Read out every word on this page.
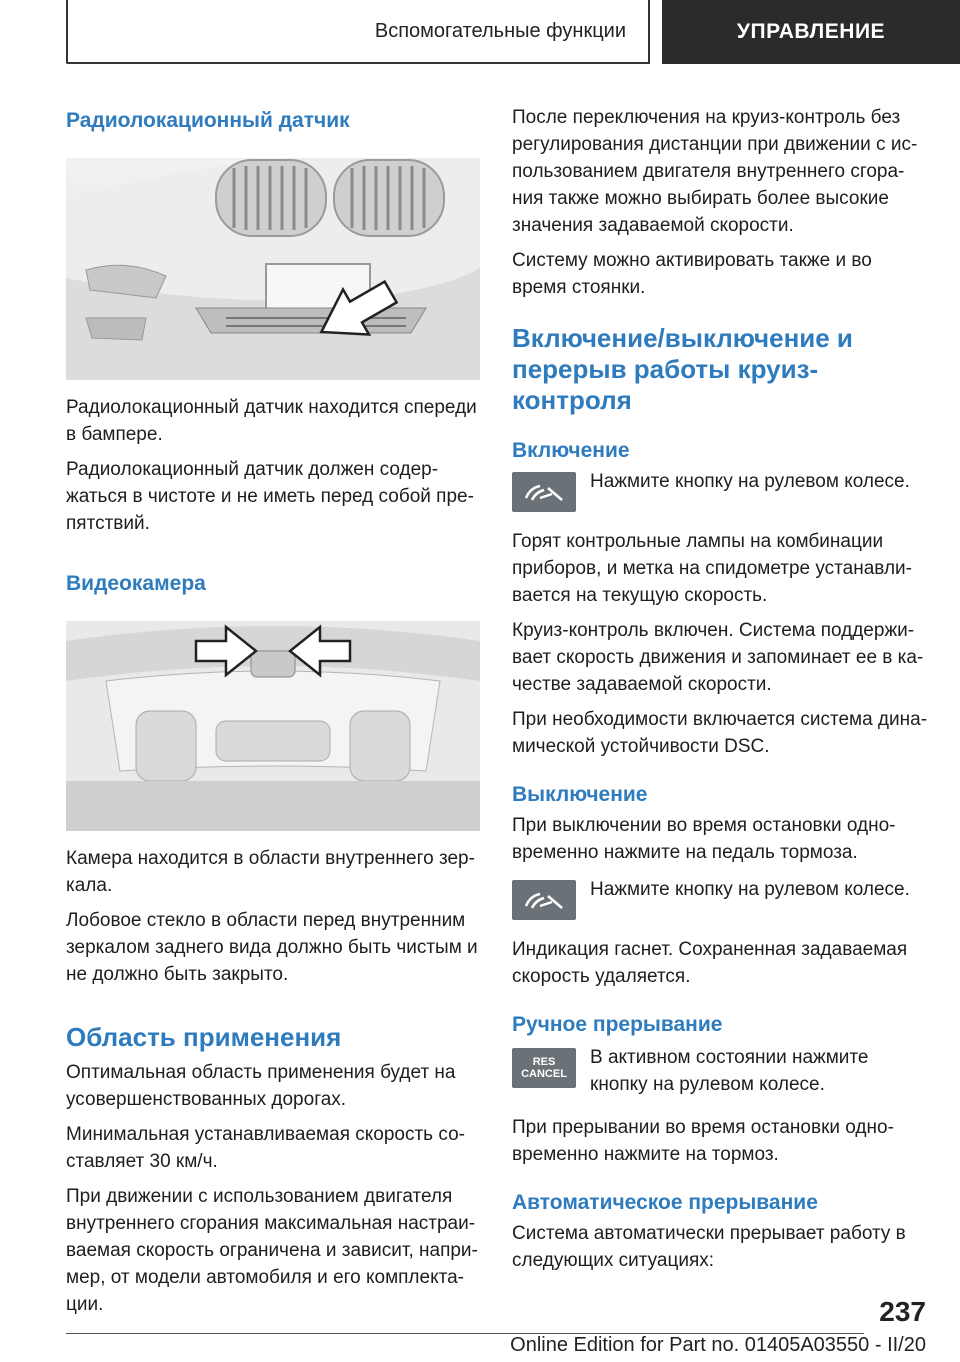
Вспомогательные функции	УПРАВЛЕНИЕ
Радиолокационный датчик

Радиолокационный датчик находится спереди в бампере.

Радиолокационный датчик должен содержаться в чистоте и не иметь перед собой препятствий.

Видеокамера

Камера находится в области внутреннего зеркала.

Лобовое стекло в области перед внутренним зеркалом заднего вида должно быть чистым и не должно быть закрыто.

Область применения

Оптимальная область применения будет на усовершенствованных дорогах.

Минимальная устанавливаемая скорость составляет 30 км/ч.

При движении с использованием двигателя внутреннего сгорания максимальная настраиваемая скорость ограничена и зависит, например, от модели автомобиля и его комплектации.

После переключения на круиз-контроль без регулирования дистанции при движении с использованием двигателя внутреннего сгорания также можно выбирать более высокие значения задаваемой скорости.

Систему можно активировать также и во время стоянки.

Включение/выключение и перерыв работы круиз-контроля
Включение

Нажмите кнопку на рулевом колесе.

Горят контрольные лампы на комбинации приборов, и метка на спидометре устанавливается на текущую скорость.

Круиз-контроль включен. Система поддерживает скорость движения и запоминает ее в качестве задаваемой скорости.

При необходимости включается система динамической устойчивости DSC.

Выключение

При выключении во время остановки одновременно нажмите на педаль тормоза.

Нажмите кнопку на рулевом колесе.

Индикация гаснет. Сохраненная задаваемая скорость удаляется.

Ручное прерывание
RES
CANCEL

В активном состоянии нажмите кнопку на рулевом колесе.

При прерывании во время остановки одновременно нажмите на тормоз.

Автоматическое прерывание

Система автоматически прерывает работу в следующих ситуациях:

237
Online Edition for Part no. 01405A03550 - II/20
